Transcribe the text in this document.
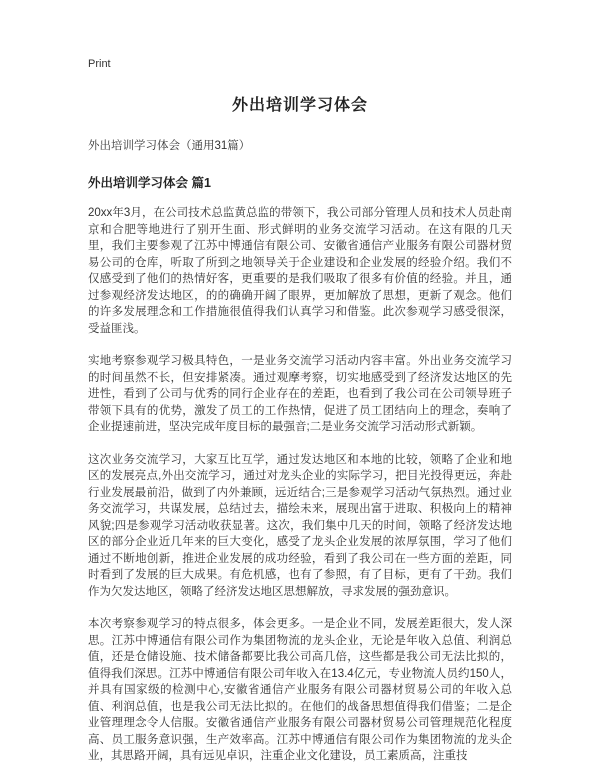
Print
外出培训学习体会
外出培训学习体会（通用31篇）
外出培训学习体会 篇1

20xx年3月，在公司技术总监黄总监的带领下，我公司部分管理人员和技术人员赴南京和合肥等地进行了别开生面、形式鲜明的业务交流学习活动。在这有限的几天里，我们主要参观了江苏中博通信有限公司、安徽省通信产业服务有限公司器材贸易公司的仓库，听取了所到之地领导关于企业建设和企业发展的经验介绍。我们不仅感受到了他们的热情好客，更重要的是我们吸取了很多有价值的经验。并且，通过参观经济发达地区，的的确确开阔了眼界，更加解放了思想，更新了观念。他们的许多发展理念和工作措施很值得我们认真学习和借鉴。此次参观学习感受很深，受益匪浅。

实地考察参观学习极具特色，一是业务交流学习活动内容丰富。外出业务交流学习的时间虽然不长，但安排紧凑。通过观摩考察，切实地感受到了经济发达地区的先进性，看到了公司与优秀的同行企业存在的差距，也看到了我公司在公司领导班子带领下具有的优势，激发了员工的工作热情，促进了员工团结向上的理念，奏响了企业提速前进，坚决完成年度目标的最强音;二是业务交流学习活动形式新颖。

这次业务交流学习，大家互比互学，通过发达地区和本地的比较，领略了企业和地区的发展亮点,外出交流学习，通过对龙头企业的实际学习，把目光投得更远，奔赴行业发展最前沿，做到了内外兼顾，远近结合;三是参观学习活动气氛热烈。通过业务交流学习，共谋发展，总结过去，描绘未来，展现出富于进取、积极向上的精神风貌;四是参观学习活动收获显著。这次，我们集中几天的时间，领略了经济发达地区的部分企业近几年来的巨大变化，感受了龙头企业发展的浓厚氛围，学习了他们通过不断地创新，推进企业发展的成功经验，看到了我公司在一些方面的差距，同时看到了发展的巨大成果。有危机感，也有了参照，有了目标，更有了干劲。我们作为欠发达地区，领略了经济发达地区思想解放，寻求发展的强劲意识。

本次考察参观学习的特点很多，体会更多。一是企业不同，发展差距很大，发人深思。江苏中博通信有限公司作为集团物流的龙头企业，无论是年收入总值、利润总值，还是仓储设施、技术储备都要比我公司高几倍，这些都是我公司无法比拟的，值得我们深思。江苏中博通信有限公司年收入在13.4亿元，专业物流人员约150人，并具有国家级的检测中心,安徽省通信产业服务有限公司器材贸易公司的年收入总值、利润总值，也是我公司无法比拟的。在他们的战备思想值得我们借鉴；二是企业管理理念令人信服。安徽省通信产业服务有限公司器材贸易公司管理规范化程度高、员工服务意识强，生产效率高。江苏中博通信有限公司作为集团物流的龙头企业，其思路开阔，具有远见卓识，注重企业文化建设，员工素质高，注重技
